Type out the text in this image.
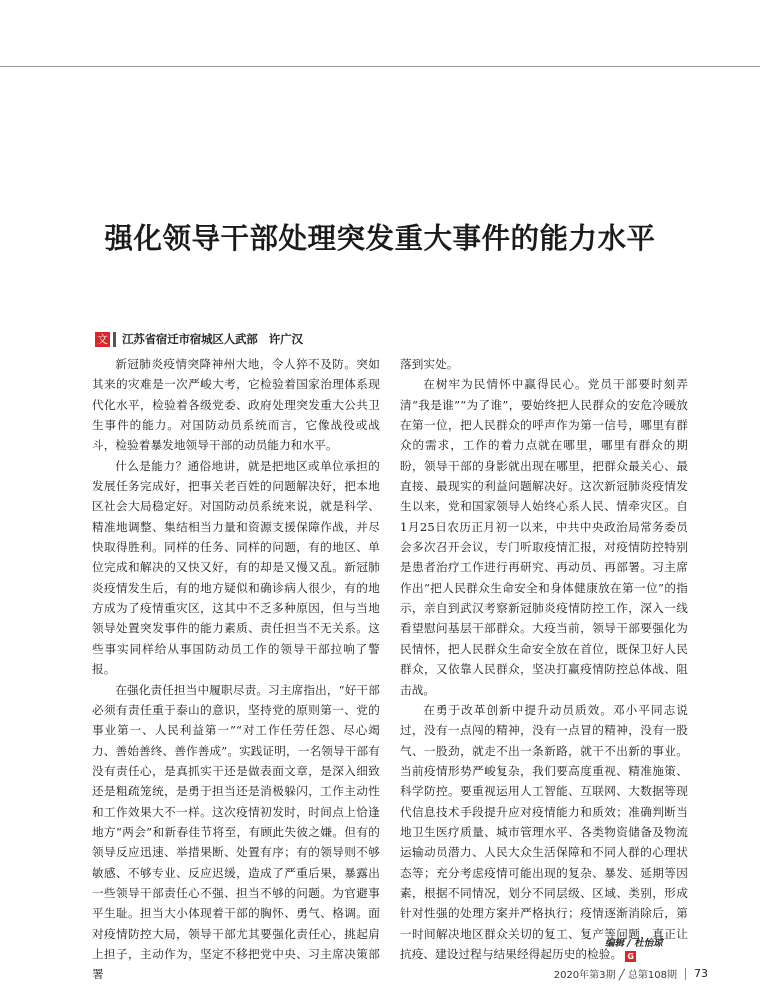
强化领导干部处理突发重大事件的能力水平
文 江苏省宿迁市宿城区人武部　许广汉

新冠肺炎疫情突降神州大地，令人猝不及防。突如其来的灾难是一次严峻大考，它检验着国家治理体系现代化水平，检验着各级党委、政府处理突发重大公共卫生事件的能力。对国防动员系统而言，它像战役或战斗，检验着暴发地领导干部的动员能力和水平。

什么是能力？通俗地讲，就是把地区或单位承担的发展任务完成好，把事关老百姓的问题解决好，把本地区社会大局稳定好。对国防动员系统来说，就是科学、精准地调整、集结相当力量和资源支援保障作战，并尽快取得胜利。同样的任务、同样的问题，有的地区、单位完成和解决的又快又好，有的却是又慢又乱。新冠肺炎疫情发生后，有的地方疑似和确诊病人很少，有的地方成为了疫情重灾区，这其中不乏多种原因，但与当地领导处置突发事件的能力素质、责任担当不无关系。这些事实同样给从事国防动员工作的领导干部拉响了警报。

在强化责任担当中履职尽责。习主席指出，“好干部必须有责任重于泰山的意识，坚持党的原则第一、党的事业第一、人民利益第一”“对工作任劳任怨、尽心竭力、善始善终、善作善成”。实践证明，一名领导干部有没有责任心，是真抓实干还是做表面文章，是深入细致还是粗疏笼统，是勇于担当还是消极躲闪，工作主动性和工作效果大不一样。这次疫情初发时，时间点上恰逢地方“两会”和新春佳节将至，有顾此失彼之嫌。但有的领导反应迅速、举措果断、处置有序；有的领导则不够敏感、不够专业、反应迟缓，造成了严重后果，暴露出一些领导干部责任心不强、担当不够的问题。为官避事平生耻。担当大小体现着干部的胸怀、勇气、格调。面对疫情防控大局，领导干部尤其要强化责任心，挑起肩上担子，主动作为，坚定不移把党中央、习主席决策部署

落到实处。

在树牢为民情怀中赢得民心。党员干部要时刻弄清“我是谁”“为了谁”，要始终把人民群众的安危冷暖放在第一位，把人民群众的呼声作为第一信号，哪里有群众的需求，工作的着力点就在哪里，哪里有群众的期盼，领导干部的身影就出现在哪里，把群众最关心、最直接、最现实的利益问题解决好。这次新冠肺炎疫情发生以来，党和国家领导人始终心系人民、情牵灾区。自1月25日农历正月初一以来，中共中央政治局常务委员会多次召开会议，专门听取疫情汇报，对疫情防控特别是患者治疗工作进行再研究、再动员、再部署。习主席作出“把人民群众生命安全和身体健康放在第一位”的指示，亲自到武汉考察新冠肺炎疫情防控工作，深入一线看望慰问基层干部群众。大疫当前，领导干部要强化为民情怀，把人民群众生命安全放在首位，既保卫好人民群众，又依靠人民群众，坚决打赢疫情防控总体战、阻击战。

在勇于改革创新中提升动员质效。邓小平同志说过，没有一点闯的精神，没有一点冒的精神，没有一股气、一股劲，就走不出一条新路，就干不出新的事业。当前疫情形势严峻复杂，我们要高度重视、精准施策、科学防控。要重视运用人工智能、互联网、大数据等现代信息技术手段提升应对疫情能力和质效；准确判断当地卫生医疗质量、城市管理水平、各类物资储备及物流运输动员潜力、人民大众生活保障和不同人群的心理状态等；充分考虑疫情可能出现的复杂、暴发、延期等因素，根据不同情况，划分不同层级、区域、类别，形成针对性强的处理方案并严格执行；疫情逐渐消除后，第一时间解决地区群众关切的复工、复产等问题，真正让抗疫、建设过程与结果经得起历史的检验。 G

编辑 / 杜怡琼
2020年第3期 ╱ 总第108期 73
